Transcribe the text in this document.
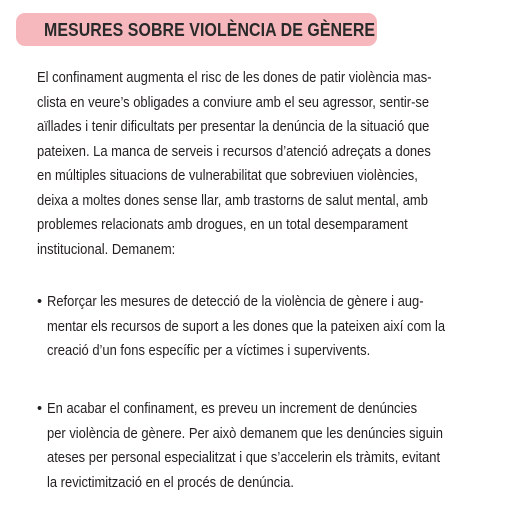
MESURES SOBRE VIOLÈNCIA DE GÈNERE
El confinament augmenta el risc de les dones de patir violència mas-
clista en veure’s obligades a conviure amb el seu agressor, sentir-se
aïllades i tenir dificultats per presentar la denúncia de la situació que
pateixen. La manca de serveis i recursos d’atenció adreçats a dones
en múltiples situacions de vulnerabilitat que sobreviuen violències,
deixa a moltes dones sense llar, amb trastorns de salut mental, amb
problemes relacionats amb drogues, en un total desemparament
institucional. Demanem:
• Reforçar les mesures de detecció de la violència de gènere i aug-
mentar els recursos de suport a les dones que la pateixen així com la
creació d’un fons específic per a víctimes i supervivents.
• En acabar el confinament, es preveu un increment de denúncies
per violència de gènere. Per això demanem que les denúncies siguin
ateses per personal especialitzat i que s’accelerin els tràmits, evitant
la revictimització en el procés de denúncia.
